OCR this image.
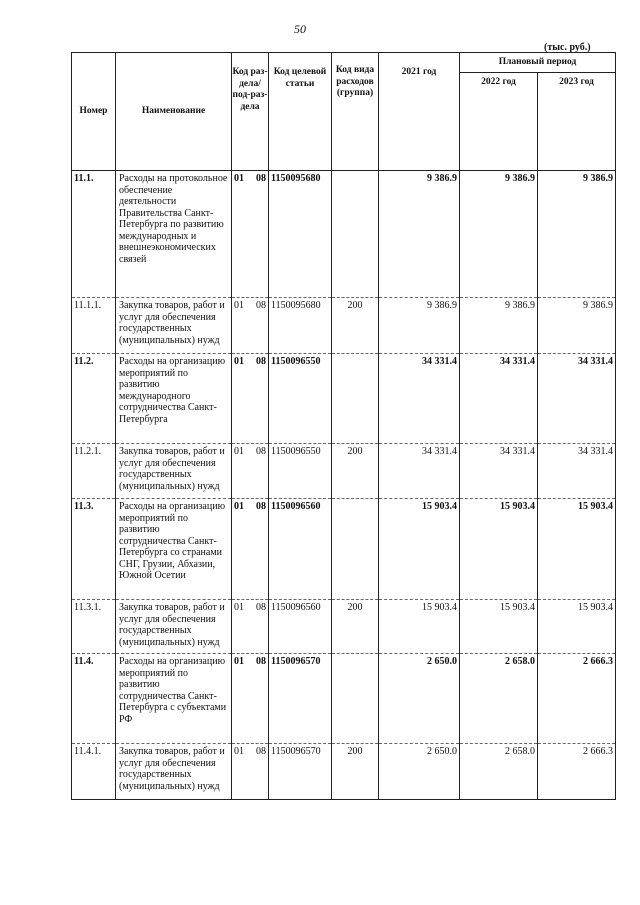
50
(тыс. руб.)
Номер	Наименование	Код раз-дела/ под-раз-дела	Код целевой статьи	Код вида расходов (группа)	2021 год	Плановый период	
						2022 год	2023 год
11.1.	Расходы на протокольное обеспечение деятельности Правительства Санкт-Петербурга по развитию международных и внешнеэкономических связей	01 08	1150095680		9 386.9	9 386.9	9 386.9
11.1.1.	Закупка товаров, работ и услуг для обеспечения государственных (муниципальных) нужд	01 08	1150095680	200	9 386.9	9 386.9	9 386.9
11.2.	Расходы на организацию мероприятий по развитию международного сотрудничества Санкт-Петербурга	01 08	1150096550		34 331.4	34 331.4	34 331.4
11.2.1.	Закупка товаров, работ и услуг для обеспечения государственных (муниципальных) нужд	01 08	1150096550	200	34 331.4	34 331.4	34 331.4
11.3.	Расходы на организацию мероприятий по развитию сотрудничества Санкт-Петербурга со странами СНГ, Грузии, Абхазии, Южной Осетии	01 08	1150096560		15 903.4	15 903.4	15 903.4
11.3.1.	Закупка товаров, работ и услуг для обеспечения государственных (муниципальных) нужд	01 08	1150096560	200	15 903.4	15 903.4	15 903.4
11.4.	Расходы на организацию мероприятий по развитию сотрудничества Санкт-Петербурга с субъектами РФ	01 08	1150096570		2 650.0	2 658.0	2 666.3
11.4.1.	Закупка товаров, работ и услуг для обеспечения государственных (муниципальных) нужд	01 08	1150096570	200	2 650.0	2 658.0	2 666.3
